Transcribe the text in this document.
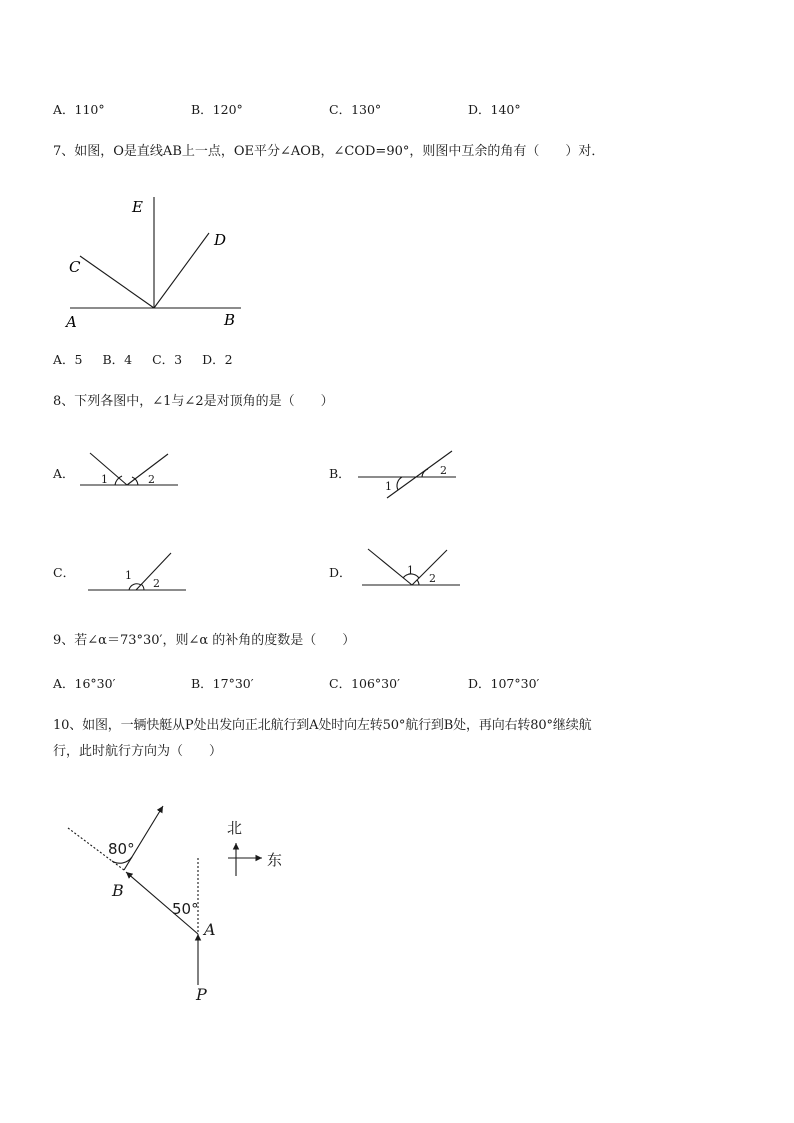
A．110°	B．120°	C．130°	D．140°
7、如图，O是直线AB上一点，OE平分∠AOB，∠COD=90°，则图中互余的角有（　　）对．
E
D
C
A	B
A．5 B．4 C．3 D．2
8、下列各图中，∠1与∠2是对顶角的是（　　）
A．	B．
C．	D．
1	2
1
2
1
2
1
2
9、若∠α＝73°30′，则∠α 的补角的度数是（　　）
A．16°30′	B．17°30′	C．106°30′	D．107°30′
10、如图，一辆快艇从P处出发向正北航行到A处时向左转50°航行到B处，再向右转80°继续航
行，此时航行方向为（　　）
80°
50°
B
A
P
北
东
